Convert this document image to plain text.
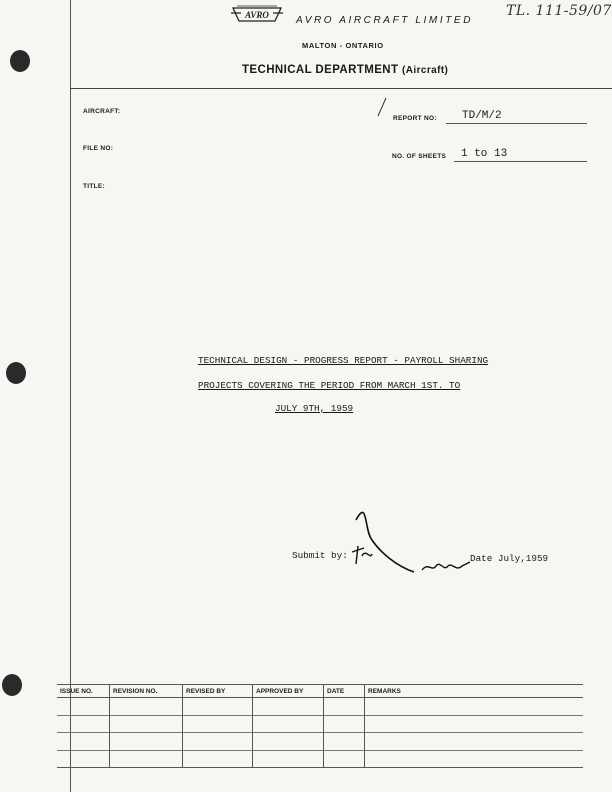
AVRO	AVRO AIRCRAFT LIMITED
MALTON - ONTARIO
TECHNICAL DEPARTMENT (Aircraft)
TL. 111-59/07
AIRCRAFT:
FILE NO:
TITLE:
REPORT NO: TD/M/2
NO. OF SHEETS 1 to 13
TECHNICAL DESIGN - PROGRESS REPORT - PAYROLL SHARING
PROJECTS COVERING THE PERIOD FROM MARCH 1ST. TO
JULY 9TH, 1959
Submit by:	Date July,1959
ISSUE NO.	REVISION NO.	REVISED BY	APPROVED BY	DATE	REMARKS
